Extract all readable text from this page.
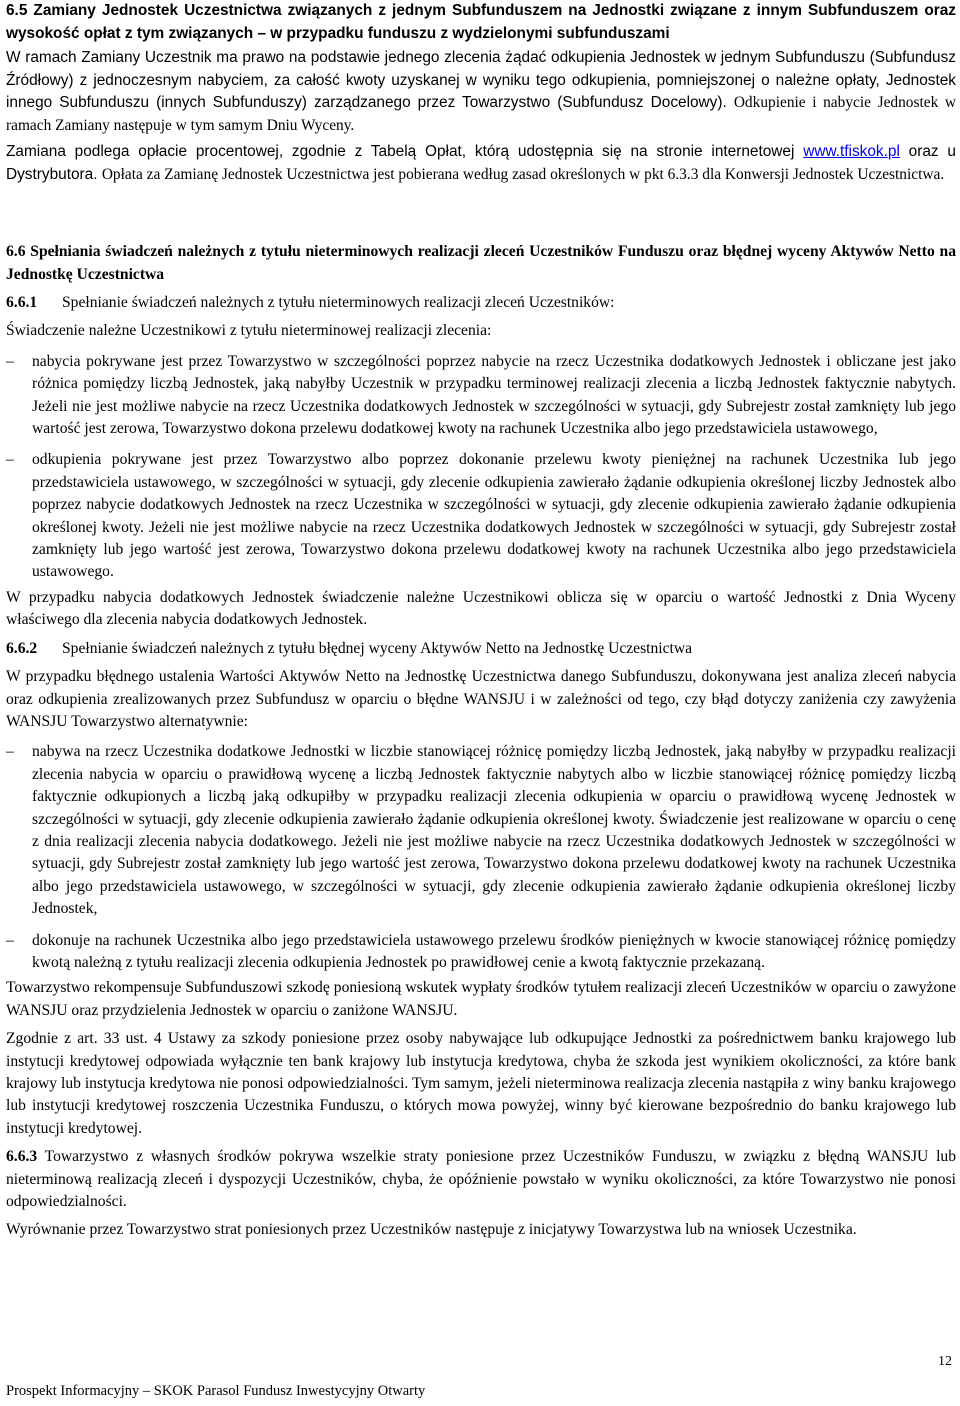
6.5 Zamiany Jednostek Uczestnictwa związanych z jednym Subfunduszem na Jednostki związane z innym Subfunduszem oraz wysokość opłat z tym związanych – w przypadku funduszu z wydzielonymi subfunduszami

W ramach Zamiany Uczestnik ma prawo na podstawie jednego zlecenia żądać odkupienia Jednostek w jednym Subfunduszu (Subfundusz Źródłowy) z jednoczesnym nabyciem, za całość kwoty uzyskanej w wyniku tego odkupienia, pomniejszonej o należne opłaty, Jednostek innego Subfunduszu (innych Subfunduszy) zarządzanego przez Towarzystwo (Subfundusz Docelowy). Odkupienie i nabycie Jednostek w ramach Zamiany następuje w tym samym Dniu Wyceny.

Zamiana podlega opłacie procentowej, zgodnie z Tabelą Opłat, którą udostępnia się na stronie internetowej www.tfiskok.pl oraz u Dystrybutora. Opłata za Zamianę Jednostek Uczestnictwa jest pobierana według zasad określonych w pkt 6.3.3 dla Konwersji Jednostek Uczestnictwa.

6.6 Spełniania świadczeń należnych z tytułu nieterminowych realizacji zleceń Uczestników Funduszu oraz błędnej wyceny Aktywów Netto na Jednostkę Uczestnictwa
6.6.1 Spełnianie świadczeń należnych z tytułu nieterminowych realizacji zleceń Uczestników:

Świadczenie należne Uczestnikowi z tytułu nieterminowej realizacji zlecenia:

– nabycia pokrywane jest przez Towarzystwo w szczególności poprzez nabycie na rzecz Uczestnika dodatkowych Jednostek i obliczane jest jako różnica pomiędzy liczbą Jednostek, jaką nabyłby Uczestnik w przypadku terminowej realizacji zlecenia a liczbą Jednostek faktycznie nabytych. Jeżeli nie jest możliwe nabycie na rzecz Uczestnika dodatkowych Jednostek w szczególności w sytuacji, gdy Subrejestr został zamknięty lub jego wartość jest zerowa, Towarzystwo dokona przelewu dodatkowej kwoty na rachunek Uczestnika albo jego przedstawiciela ustawowego,
– odkupienia pokrywane jest przez Towarzystwo albo poprzez dokonanie przelewu kwoty pieniężnej na rachunek Uczestnika lub jego przedstawiciela ustawowego, w szczególności w sytuacji, gdy zlecenie odkupienia zawierało żądanie odkupienia określonej liczby Jednostek albo poprzez nabycie dodatkowych Jednostek na rzecz Uczestnika w szczególności w sytuacji, gdy zlecenie odkupienia zawierało żądanie odkupienia określonej kwoty. Jeżeli nie jest możliwe nabycie na rzecz Uczestnika dodatkowych Jednostek w szczególności w sytuacji, gdy Subrejestr został zamknięty lub jego wartość jest zerowa, Towarzystwo dokona przelewu dodatkowej kwoty na rachunek Uczestnika albo jego przedstawiciela ustawowego.

W przypadku nabycia dodatkowych Jednostek świadczenie należne Uczestnikowi oblicza się w oparciu o wartość Jednostki z Dnia Wyceny właściwego dla zlecenia nabycia dodatkowych Jednostek.

6.6.2 Spełnianie świadczeń należnych z tytułu błędnej wyceny Aktywów Netto na Jednostkę Uczestnictwa

W przypadku błędnego ustalenia Wartości Aktywów Netto na Jednostkę Uczestnictwa danego Subfunduszu, dokonywana jest analiza zleceń nabycia oraz odkupienia zrealizowanych przez Subfundusz w oparciu o błędne WANSJU i w zależności od tego, czy błąd dotyczy zaniżenia czy zawyżenia WANSJU Towarzystwo alternatywnie:

– nabywa na rzecz Uczestnika dodatkowe Jednostki w liczbie stanowiącej różnicę pomiędzy liczbą Jednostek, jaką nabyłby w przypadku realizacji zlecenia nabycia w oparciu o prawidłową wycenę a liczbą Jednostek faktycznie nabytych albo w liczbie stanowiącej różnicę pomiędzy liczbą faktycznie odkupionych a liczbą jaką odkupiłby w przypadku realizacji zlecenia odkupienia w oparciu o prawidłową wycenę Jednostek w szczególności w sytuacji, gdy zlecenie odkupienia zawierało żądanie odkupienia określonej kwoty. Świadczenie jest realizowane w oparciu o cenę z dnia realizacji zlecenia nabycia dodatkowego. Jeżeli nie jest możliwe nabycie na rzecz Uczestnika dodatkowych Jednostek w szczególności w sytuacji, gdy Subrejestr został zamknięty lub jego wartość jest zerowa, Towarzystwo dokona przelewu dodatkowej kwoty na rachunek Uczestnika albo jego przedstawiciela ustawowego, w szczególności w sytuacji, gdy zlecenie odkupienia zawierało żądanie odkupienia określonej liczby Jednostek,
– dokonuje na rachunek Uczestnika albo jego przedstawiciela ustawowego przelewu środków pieniężnych w kwocie stanowiącej różnicę pomiędzy kwotą należną z tytułu realizacji zlecenia odkupienia Jednostek po prawidłowej cenie a kwotą faktycznie przekazaną.

Towarzystwo rekompensuje Subfunduszowi szkodę poniesioną wskutek wypłaty środków tytułem realizacji zleceń Uczestników w oparciu o zawyżone WANSJU oraz przydzielenia Jednostek w oparciu o zaniżone WANSJU.

Zgodnie z art. 33 ust. 4 Ustawy za szkody poniesione przez osoby nabywające lub odkupujące Jednostki za pośrednictwem banku krajowego lub instytucji kredytowej odpowiada wyłącznie ten bank krajowy lub instytucja kredytowa, chyba że szkoda jest wynikiem okoliczności, za które bank krajowy lub instytucja kredytowa nie ponosi odpowiedzialności. Tym samym, jeżeli nieterminowa realizacja zlecenia nastąpiła z winy banku krajowego lub instytucji kredytowej roszczenia Uczestnika Funduszu, o których mowa powyżej, winny być kierowane bezpośrednio do banku krajowego lub instytucji kredytowej.

6.6.3 Towarzystwo z własnych środków pokrywa wszelkie straty poniesione przez Uczestników Funduszu, w związku z błędną WANSJU lub nieterminową realizacją zleceń i dyspozycji Uczestników, chyba, że opóźnienie powstało w wyniku okoliczności, za które Towarzystwo nie ponosi odpowiedzialności.

Wyrównanie przez Towarzystwo strat poniesionych przez Uczestników następuje z inicjatywy Towarzystwa lub na wniosek Uczestnika.

12
Prospekt Informacyjny – SKOK Parasol Fundusz Inwestycyjny Otwarty
